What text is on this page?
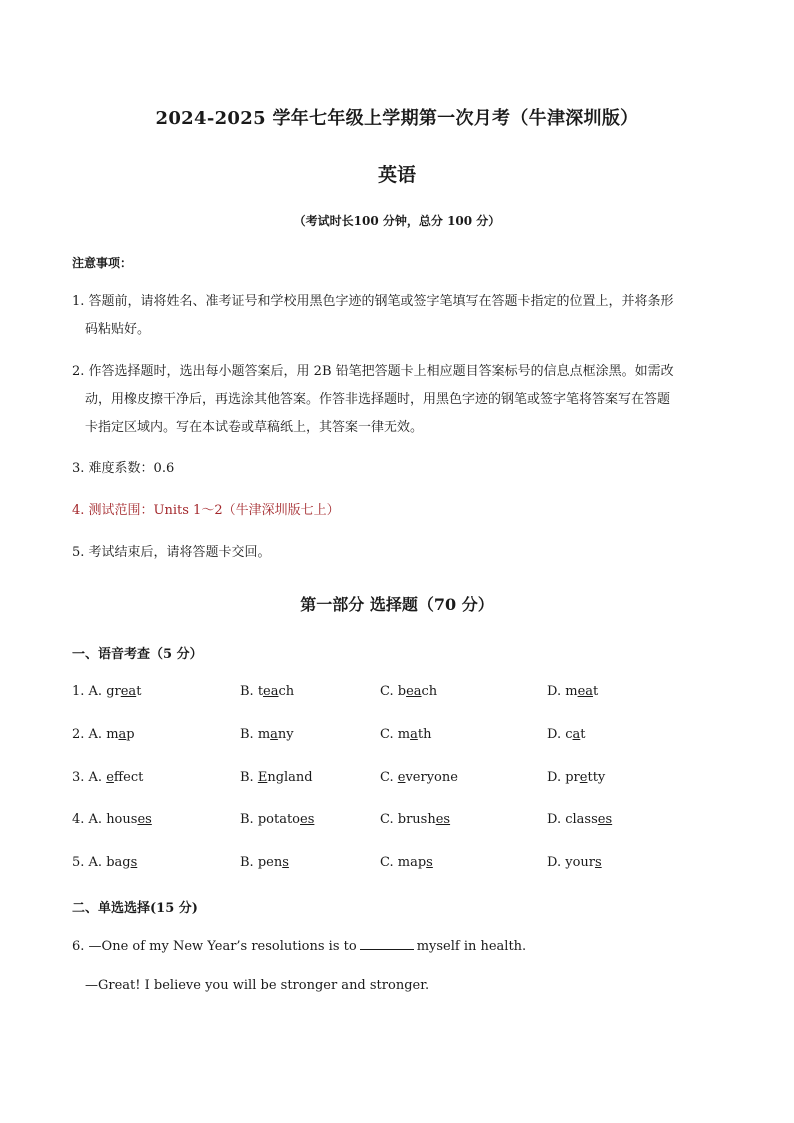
2024-2025 学年七年级上学期第一次月考（牛津深圳版）
英语
（考试时长100 分钟，总分 100 分）
注意事项：
1. 答题前，请将姓名、准考证号和学校用黑色字迹的钢笔或签字笔填写在答题卡指定的位置上，并将条形
码粘贴好。
2. 作答选择题时，选出每小题答案后，用 2B 铅笔把答题卡上相应题目答案标号的信息点框涂黑。如需改
动，用橡皮擦干净后，再选涂其他答案。作答非选择题时，用黑色字迹的钢笔或签字笔将答案写在答题
卡指定区域内。写在本试卷或草稿纸上，其答案一律无效。
3. 难度系数：0.6
4. 测试范围：Units 1～2（牛津深圳版七上）
5. 考试结束后，请将答题卡交回。
第一部分 选择题（70 分）
一、语音考查（5 分）
1. A. great	B. teach	C. beach	D. meat
2. A. map	B. many	C. math	D. cat
3. A. effect	B. England	C. everyone	D. pretty
4. A. houses	B. potatoes	C. brushes	D. classes
5. A. bags	B. pens	C. maps	D. yours
二、单选选择(15 分)
6. —One of my New Year’s resolutions is to	myself in health.
—Great! I believe you will be stronger and stronger.
